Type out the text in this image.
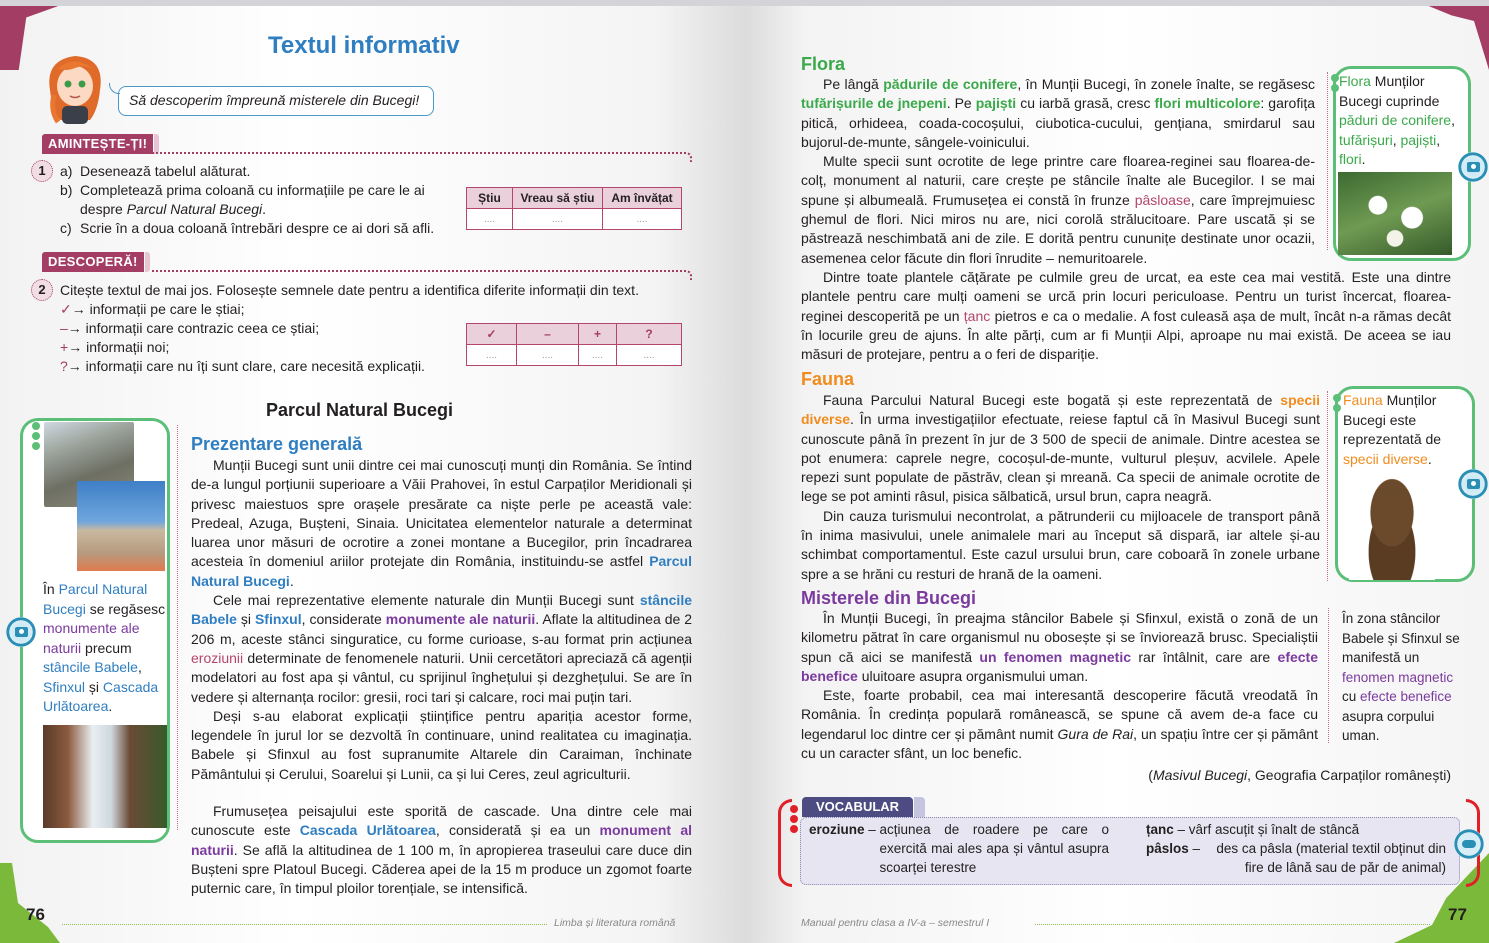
Textul informativ
Să descoperim împreună misterele din Bucegi!
AMINTEȘTE-ȚI!
1	a) Desenează tabelul alăturat.
b) Completează prima coloană cu informațiile pe care le ai
despre Parcul Natural Bucegi.
c) Scrie în a doua coloană întrebări despre ce ai dori să afli.
Știu	Vreau să știu	Am învățat
....	....	....
DESCOPERĂ!
2	Citește textul de mai jos. Folosește semnele date pentru a identifica diferite informații din text.
✓→ informații pe care le știai;
–→ informații care contrazic ceea ce știai;
+→ informații noi;
?→ informații care nu îți sunt clare, care necesită explicații.
✓	–	+	?
....	....	....	....
Parcul Natural Bucegi
În Parcul Natural Bucegi se regăsesc monumente ale naturii precum stâncile Babele, Sfinxul și Cascada Urlătoarea.
Prezentare generală

Munții Bucegi sunt unii dintre cei mai cunoscuți munți din România. Se întind de-a lungul porțiunii superioare a Văii Prahovei, în estul Carpaților Meridionali și privesc maiestuos spre orașele presărate ca niște perle pe această vale: Predeal, Azuga, Bușteni, Sinaia. Unicitatea elementelor naturale a determinat luarea unor măsuri de ocrotire a zonei montane a Bucegilor, prin încadrarea acesteia în domeniul ariilor protejate din România, instituindu-se astfel Parcul Natural Bucegi.

Cele mai reprezentative elemente naturale din Munții Bucegi sunt stâncile Babele și Sfinxul, considerate monumente ale naturii. Aflate la altitudinea de 2 206 m, aceste stânci singuratice, cu forme curioase, s-au format prin acțiunea eroziunii determinate de fenomenele naturii. Unii cercetători apreciază că agenții modelatori au fost apa și vântul, cu sprijinul înghețului și dezghețului. Se are în vedere și alternanța rocilor: gresii, roci tari și calcare, roci mai puțin tari.

Deși s-au elaborat explicații științifice pentru apariția acestor forme, legendele în jurul lor se dezvoltă în continuare, unind realitatea cu imaginația. Babele și Sfinxul au fost supranumite Altarele din Caraiman, închinate Pământului și Cerului, Soarelui și Lunii, ca și lui Ceres, zeul agriculturii.

Frumusețea peisajului este sporită de cascade. Una dintre cele mai cunoscute este Cascada Urlătoarea, considerată și ea un monument al naturii. Se află la altitudinea de 1 100 m, în apropierea traseului care duce din Bușteni spre Platoul Bucegi. Căderea apei de la 15 m produce un zgomot foarte puternic care, în timpul ploilor torențiale, se intensifică.

76	Limba și literatura română
Flora

Pe lângă pădurile de conifere, în Munții Bucegi, în zonele înalte, se regăsesc tufărișurile de jnepeni. Pe pajiști cu iarbă grasă, cresc flori multicolore: garofița pitică, orhideea, coada-cocoșului, ciubotica-cucului, gențiana, smirdarul sau bujorul-de-munte, sângele-voinicului.

Multe specii sunt ocrotite de lege printre care floarea-reginei sau floarea-de-colț, monument al naturii, care crește pe stâncile înalte ale Bucegilor. I se mai spune și albumeală. Frumusețea ei constă în frunze pâsloase, care împrejmuiesc ghemul de flori. Nici miros nu are, nici corolă strălucitoare. Pare uscată și se păstrează neschimbată ani de zile. E dorită pentru cununițe destinate unor ocazii, asemenea celor făcute din flori înrudite – nemuritoarele.

Dintre toate plantele cățărate pe culmile greu de urcat, ea este cea mai vestită. Este una dintre plantele pentru care mulți oameni se urcă prin locuri periculoase. Pentru un turist încercat, floarea-reginei descoperită pe un țanc pietros e ca o medalie. A fost culeasă așa de mult, încât n-a rămas decât în locurile greu de ajuns. În alte părți, cum ar fi Munții Alpi, aproape nu mai există. De aceea se iau măsuri de protejare, pentru a o feri de dispariție.

Flora Munților Bucegi cuprinde păduri de conifere, tufărișuri, pajiști, flori.
Fauna

Fauna Parcului Natural Bucegi este bogată și este reprezentată de specii diverse. În urma investigațiilor efectuate, reiese faptul că în Masivul Bucegi sunt cunoscute până în prezent în jur de 3 500 de specii de animale. Dintre acestea se pot enumera: caprele negre, cocoșul-de-munte, vulturul pleșuv, acvilele. Apele repezi sunt populate de păstrăv, clean și mreană. Ca specii de animale ocrotite de lege se pot aminti râsul, pisica sălbatică, ursul brun, capra neagră.

Din cauza turismului necontrolat, a pătrunderii cu mijloacele de transport până în inima masivului, unele animalele mari au început să dispară, iar altele și-au schimbat comportamentul. Este cazul ursului brun, care coboară în zonele urbane spre a se hrăni cu resturi de hrană de la oameni.

Fauna Munților Bucegi este reprezentată de specii diverse.
Misterele din Bucegi

În Munții Bucegi, în preajma stâncilor Babele și Sfinxul, există o zonă de un kilometru pătrat în care organismul nu obosește și se înviorează brusc. Specialiștii spun că aici se manifestă un fenomen magnetic rar întâlnit, care are efecte benefice uluitoare asupra organismului uman.

Este, foarte probabil, cea mai interesantă descoperire făcută vreodată în România. În credința populară românească, se spune că avem de-a face cu legendarul loc dintre cer și pământ numit Gura de Rai, un spațiu între cer și pământ cu un caracter sfânt, un loc benefic.

În zona stâncilor Babele și Sfinxul se manifestă un fenomen magnetic cu efecte benefice asupra corpului uman.
(Masivul Bucegi, Geografia Carpaților românești)
VOCABULAR
eroziune – acțiunea de roadere pe care o exercită mai ales apa și vântul asupra scoarței terestre
țanc – vârf ascuțit și înalt de stâncă
pâslos – des ca pâsla (material textil obținut din fire de lână sau de păr de animal)
Manual pentru clasa a IV-a – semestrul I	77
